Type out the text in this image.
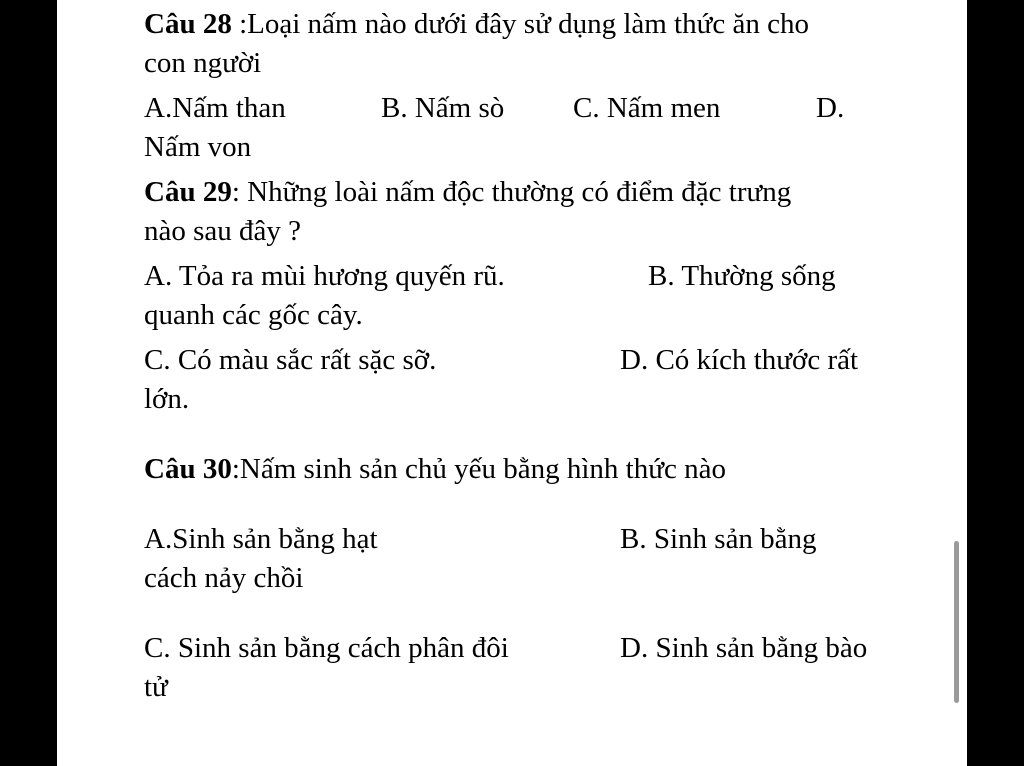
Câu 28 :Loại nấm nào dưới đây sử dụng làm thức ăn cho
con người
A.Nấm than	B. Nấm sò C. Nấm men	D.
Nấm von
Câu 29: Những loài nấm độc thường có điểm đặc trưng
nào sau đây ?
A. Tỏa ra mùi hương quyến rũ.	B. Thường sống
quanh các gốc cây.
C. Có màu sắc rất sặc sỡ.	D. Có kích thước rất
lớn.
Câu 30:Nấm sinh sản chủ yếu bằng hình thức nào
A.Sinh sản bằng hạt	B. Sinh sản bằng
cách nảy chồi
C. Sinh sản bằng cách phân đôi	D. Sinh sản bằng bào
tử
